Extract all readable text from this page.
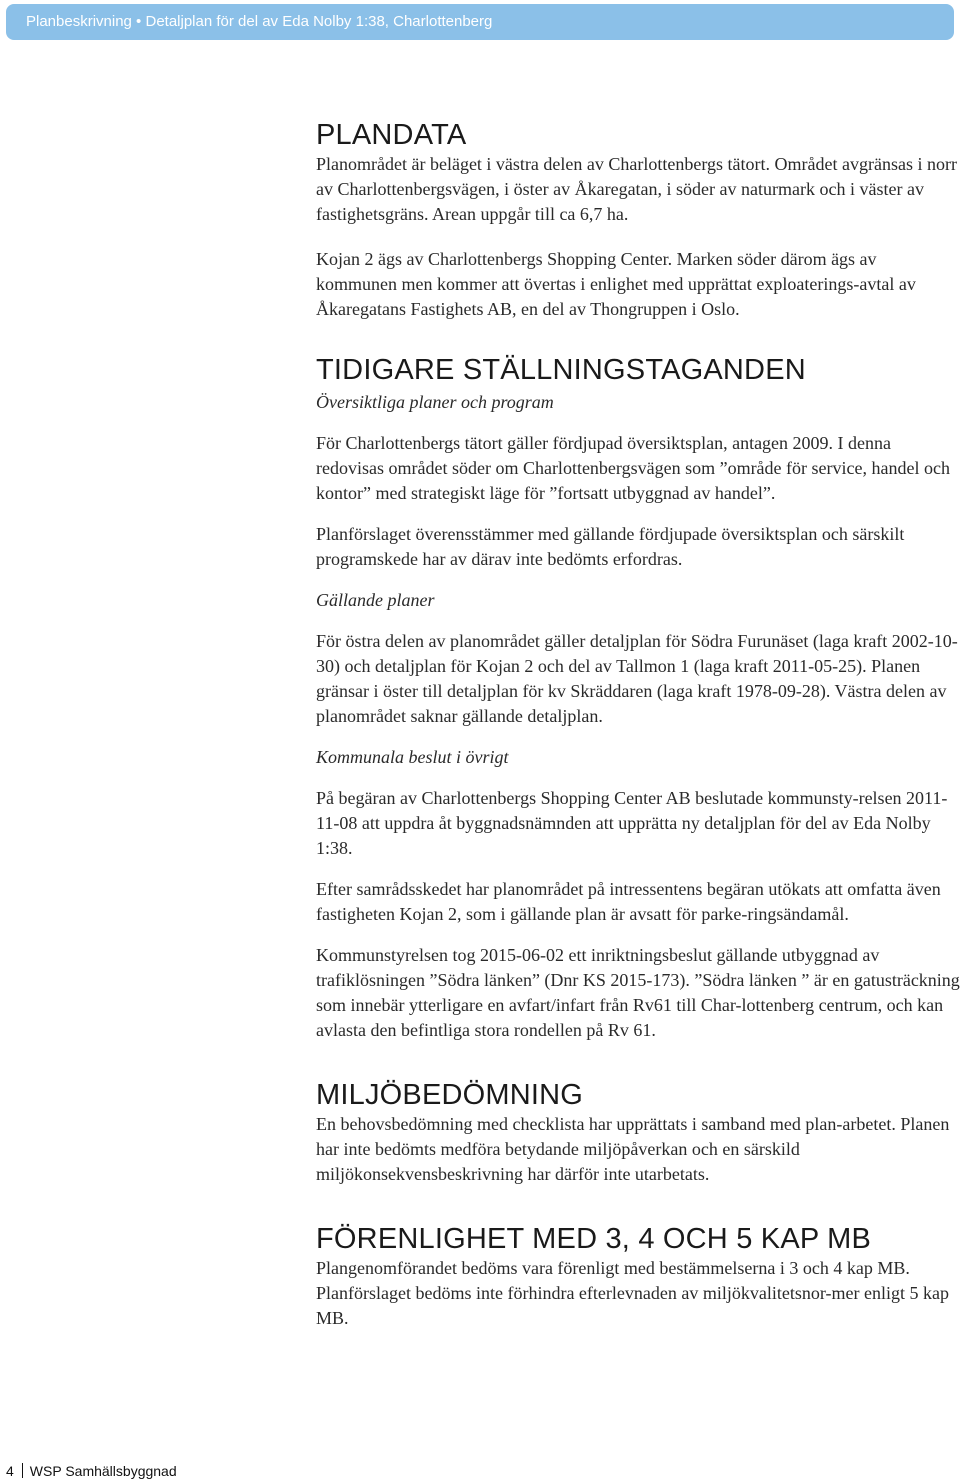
Planbeskrivning • Detaljplan för del av Eda Nolby 1:38, Charlottenberg
PLANDATA

Planområdet är beläget i västra delen av Charlottenbergs tätort. Området avgränsas i norr av Charlottenbergsvägen, i öster av Åkaregatan, i söder av naturmark och i väster av fastighetsgräns. Arean uppgår till ca 6,7 ha.

Kojan 2 ägs av Charlottenbergs Shopping Center. Marken söder därom ägs av kommunen men kommer att övertas i enlighet med upprättat exploaterings-avtal av Åkaregatans Fastighets AB, en del av Thongruppen i Oslo.

TIDIGARE STÄLLNINGSTAGANDEN

Översiktliga planer och program

För Charlottenbergs tätort gäller fördjupad översiktsplan, antagen 2009. I denna redovisas området söder om Charlottenbergsvägen som ”område för service, handel och kontor” med strategiskt läge för ”fortsatt utbyggnad av handel”.

Planförslaget överensstämmer med gällande fördjupade översiktsplan och särskilt programskede har av därav inte bedömts erfordras.

Gällande planer

För östra delen av planområdet gäller detaljplan för Södra Furunäset (laga kraft 2002-10-30) och detaljplan för Kojan 2 och del av Tallmon 1 (laga kraft 2011-05-25). Planen gränsar i öster till detaljplan för kv Skräddaren (laga kraft 1978-09-28). Västra delen av planområdet saknar gällande detaljplan.

Kommunala beslut i övrigt

På begäran av Charlottenbergs Shopping Center AB beslutade kommunsty-relsen 2011-11-08 att uppdra åt byggnadsnämnden att upprätta ny detaljplan för del av Eda Nolby 1:38.

Efter samrådsskedet har planområdet på intressentens begäran utökats att omfatta även fastigheten Kojan 2, som i gällande plan är avsatt för parke-ringsändamål.

Kommunstyrelsen tog 2015-06-02 ett inriktningsbeslut gällande utbyggnad av trafiklösningen ”Södra länken” (Dnr KS 2015-173). ”Södra länken ” är en gatusträckning som innebär ytterligare en avfart/infart från Rv61 till Char-lottenberg centrum, och kan avlasta den befintliga stora rondellen på Rv 61.

MILJÖBEDÖMNING

En behovsbedömning med checklista har upprättats i samband med plan-arbetet. Planen har inte bedömts medföra betydande miljöpåverkan och en särskild miljökonsekvensbeskrivning har därför inte utarbetats.

FÖRENLIGHET MED 3, 4 OCH 5 KAP MB

Plangenomförandet bedöms vara förenligt med bestämmelserna i 3 och 4 kap MB. Planförslaget bedöms inte förhindra efterlevnaden av miljökvalitetsnor-mer enligt 5 kap MB.

4 WSP Samhällsbyggnad
